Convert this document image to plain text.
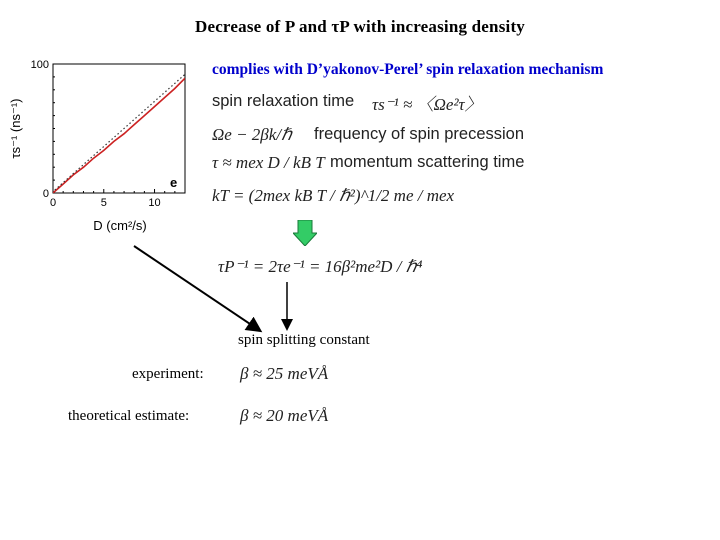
Decrease of P and τP with increasing density
0	5	10
0
100
e
D (cm²/s)
τs⁻¹ (ns⁻¹)
complies with D’yakonov-Perel’ spin relaxation mechanism
spin relaxation time τs⁻¹ ≈ 〈Ωe²τ〉
Ωe − 2βk/ℏ frequency of spin precession
τ ≈ mex D / kB T momentum scattering time
kT = (2mex kB T / ℏ²)^1/2 me / mex
τP⁻¹ = 2τe⁻¹ = 16β²me²D / ℏ⁴
spin splitting constant
experiment: β ≈ 25 meVÅ
theoretical estimate:	β ≈ 20 meVÅ
